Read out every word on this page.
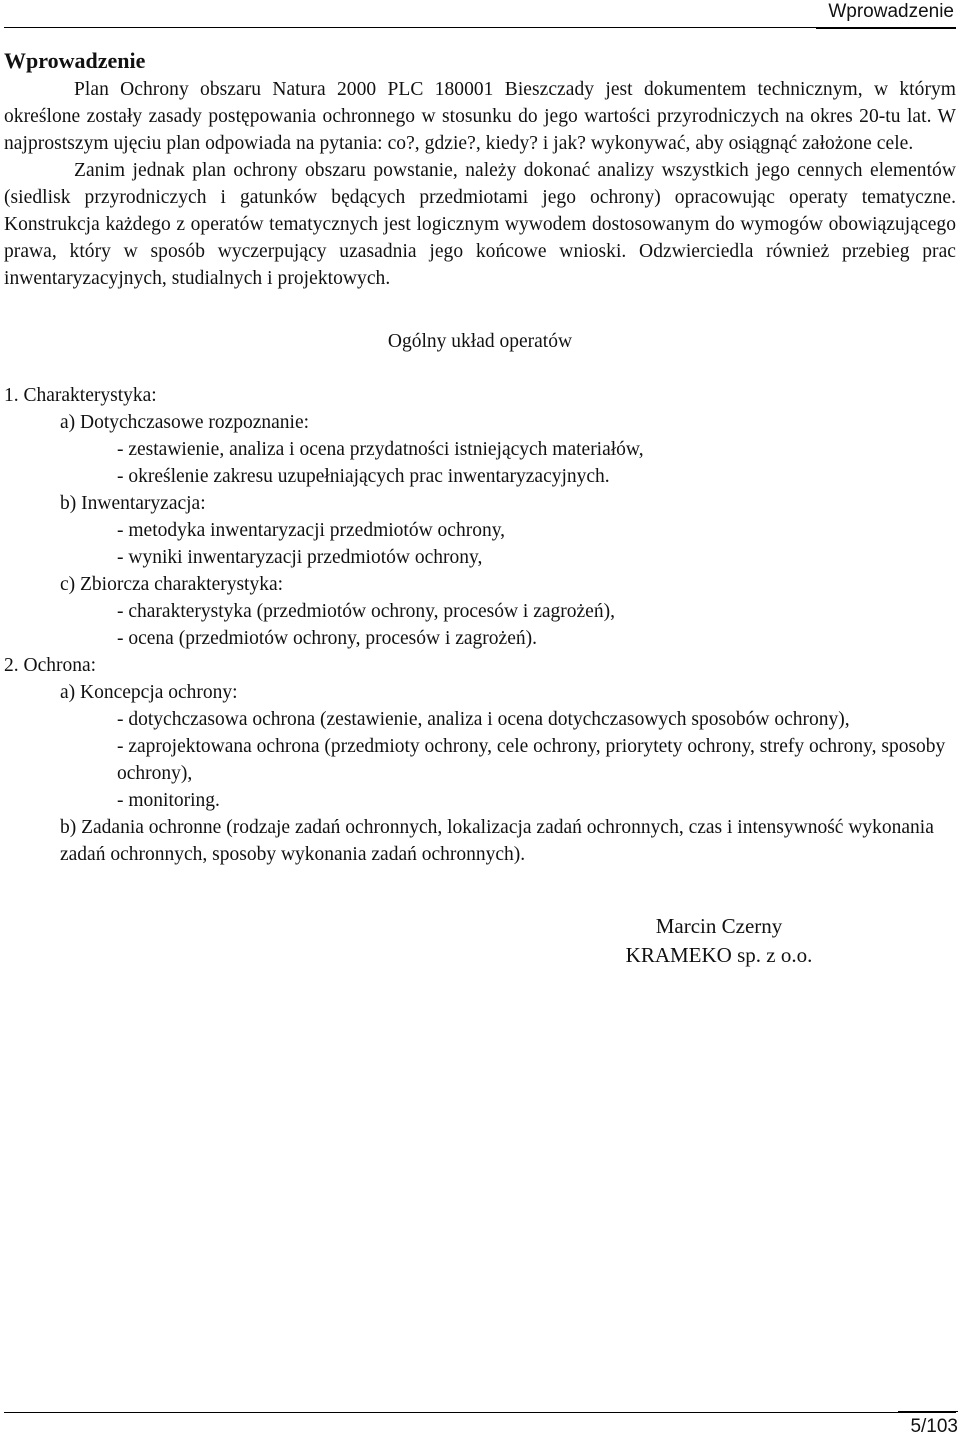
Wprowadzenie
Wprowadzenie

Plan Ochrony obszaru Natura 2000 PLC 180001 Bieszczady jest dokumentem technicznym, w którym określone zostały zasady postępowania ochronnego w stosunku do jego wartości przyrodniczych na okres 20-tu lat. W najprostszym ujęciu plan odpowiada na pytania: co?, gdzie?, kiedy? i jak? wykonywać, aby osiągnąć założone cele.

Zanim jednak plan ochrony obszaru powstanie, należy dokonać analizy wszystkich jego cennych elementów (siedlisk przyrodniczych i gatunków będących przedmiotami jego ochrony) opracowując operaty tematyczne. Konstrukcja każdego z operatów tematycznych jest logicznym wywodem dostosowanym do wymogów obowiązującego prawa, który w sposób wyczerpujący uzasadnia jego końcowe wnioski. Odzwierciedla również przebieg prac inwentaryzacyjnych, studialnych i projektowych.

Ogólny układ operatów
1. Charakterystyka:
a) Dotychczasowe rozpoznanie:
- zestawienie, analiza i ocena przydatności istniejących materiałów,
- określenie zakresu uzupełniających prac inwentaryzacyjnych.
b) Inwentaryzacja:
- metodyka inwentaryzacji przedmiotów ochrony,
- wyniki inwentaryzacji przedmiotów ochrony,
c) Zbiorcza charakterystyka:
- charakterystyka (przedmiotów ochrony, procesów i zagrożeń),
- ocena (przedmiotów ochrony, procesów i zagrożeń).
2. Ochrona:
a) Koncepcja ochrony:
- dotychczasowa ochrona (zestawienie, analiza i ocena dotychczasowych sposobów ochrony),
- zaprojektowana ochrona (przedmioty ochrony, cele ochrony, priorytety ochrony, strefy ochrony, sposoby ochrony),
- monitoring.
b) Zadania ochronne (rodzaje zadań ochronnych, lokalizacja zadań ochronnych, czas i intensywność wykonania zadań ochronnych, sposoby wykonania zadań ochronnych).
Marcin Czerny
KRAMEKO sp. z o.o.
5/103
